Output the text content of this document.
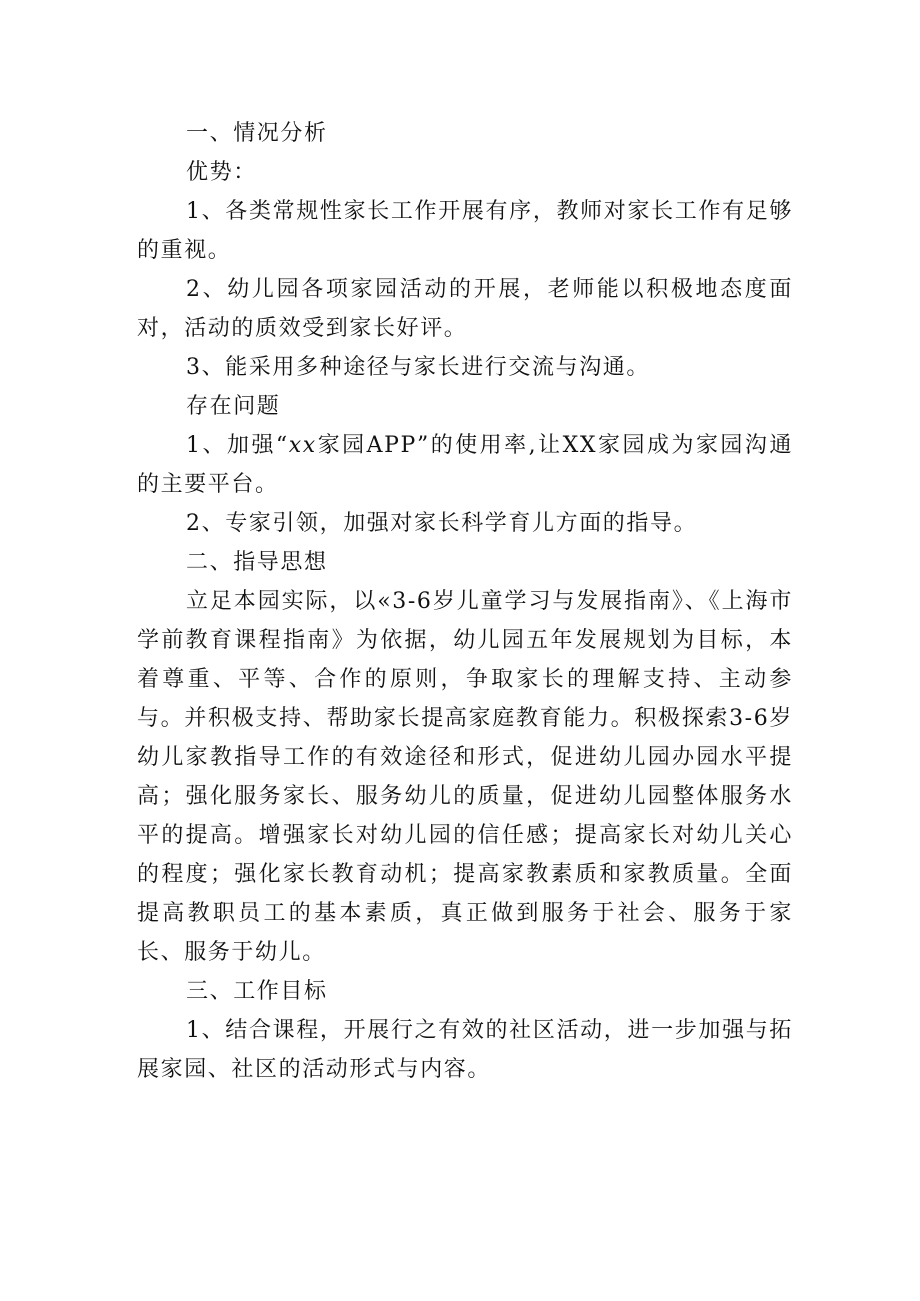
一、情况分析

优势：

1、各类常规性家长工作开展有序，教师对家长工作有足够的重视。

2、幼儿园各项家园活动的开展，老师能以积极地态度面对，活动的质效受到家长好评。

3、能采用多种途径与家长进行交流与沟通。

存在问题

1、加强“xx家园APP”的使用率,让XX家园成为家园沟通的主要平台。

2、专家引领，加强对家长科学育儿方面的指导。

二、指导思想

立足本园实际，以«3-6岁儿童学习与发展指南》、《上海市学前教育课程指南》为依据，幼儿园五年发展规划为目标，本着尊重、平等、合作的原则，争取家长的理解支持、主动参与。并积极支持、帮助家长提高家庭教育能力。积极探索3-6岁幼儿家教指导工作的有效途径和形式，促进幼儿园办园水平提高；强化服务家长、服务幼儿的质量，促进幼儿园整体服务水平的提高。增强家长对幼儿园的信任感；提高家长对幼儿关心的程度；强化家长教育动机；提高家教素质和家教质量。全面提高教职员工的基本素质，真正做到服务于社会、服务于家长、服务于幼儿。

三、工作目标

1、结合课程，开展行之有效的社区活动，进一步加强与拓展家园、社区的活动形式与内容。
